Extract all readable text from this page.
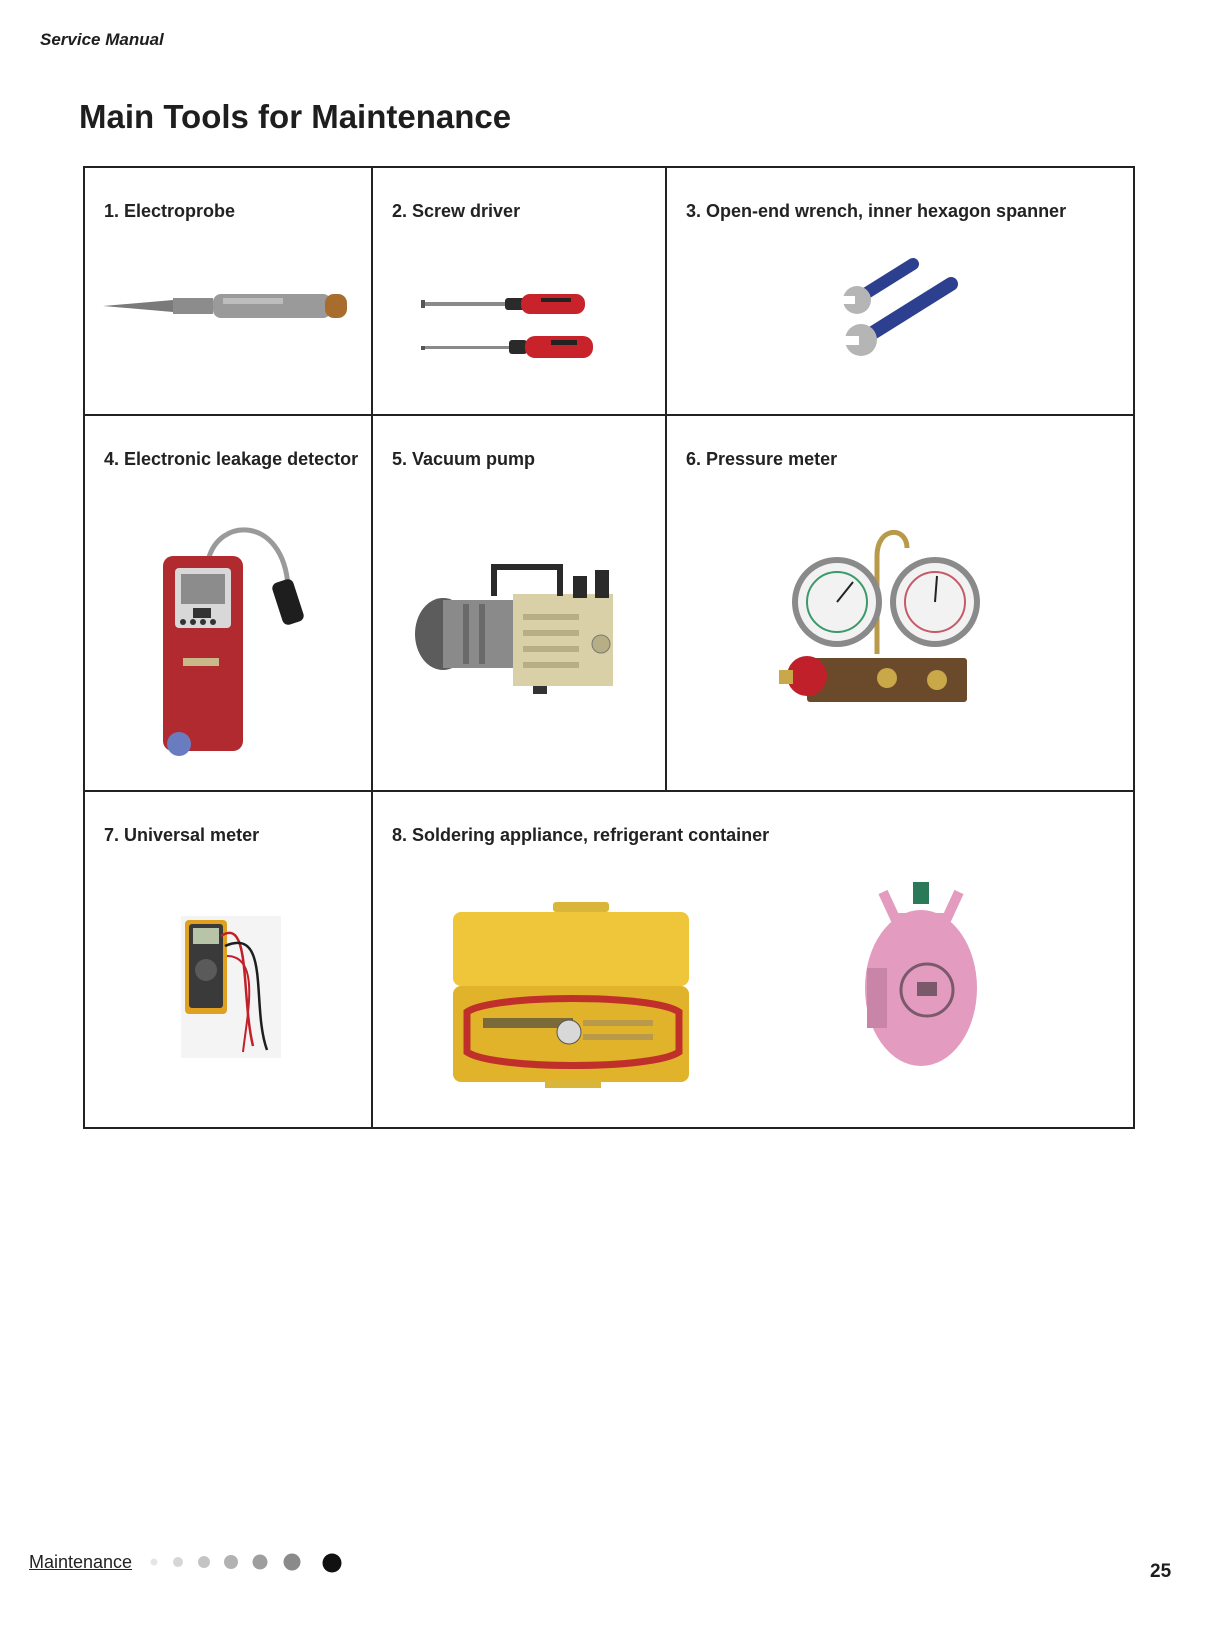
Service Manual
Main Tools for Maintenance
1. Electroprobe	2. Screw driver	3. Open-end wrench, inner hexagon spanner
4. Electronic leakage detector 5. Vacuum pump	6. Pressure meter
7. Universal meter	8. Soldering appliance, refrigerant container
Maintenance	25
